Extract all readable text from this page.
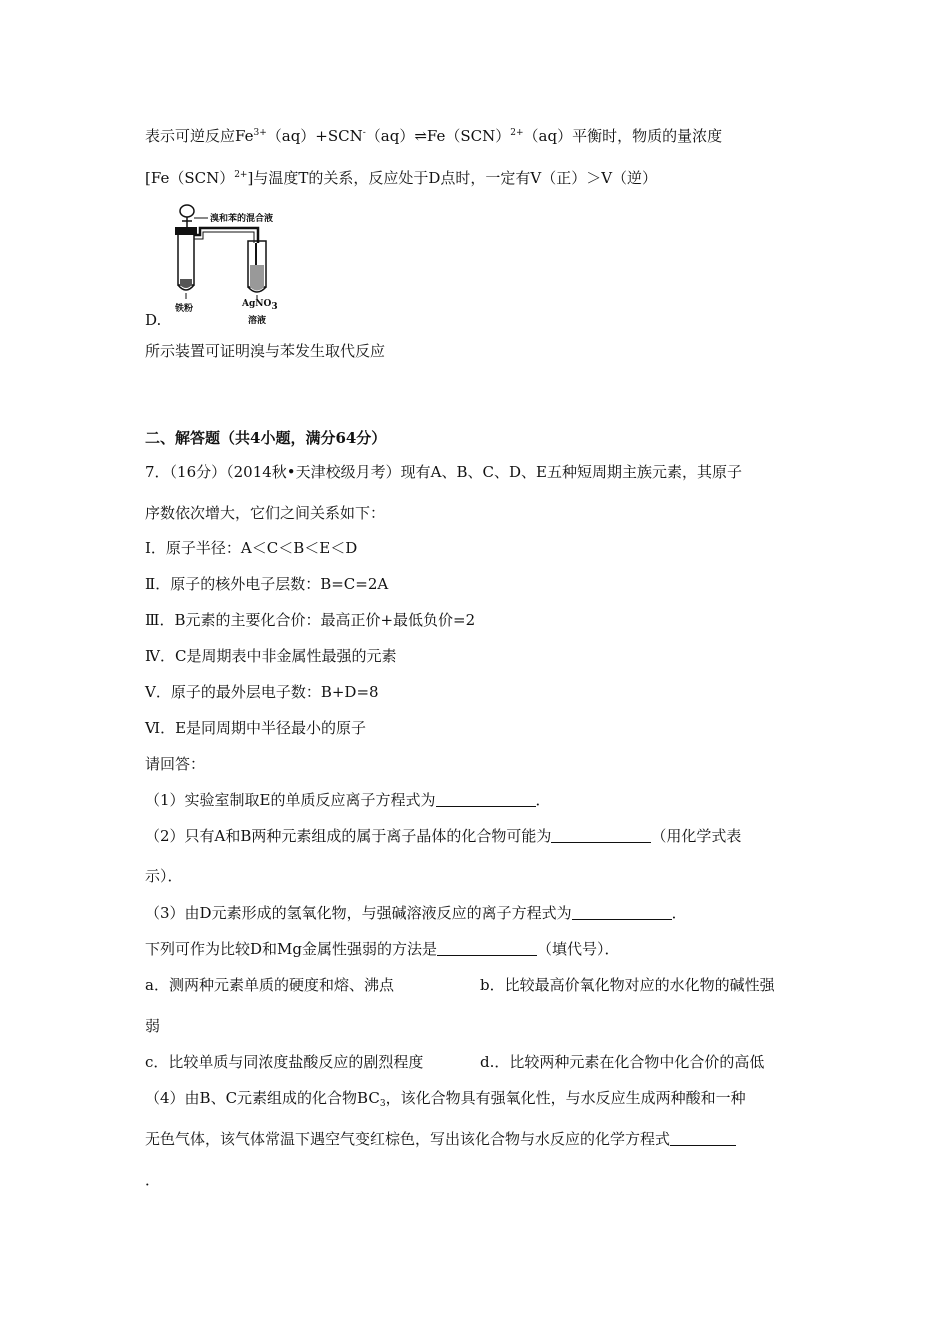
表示可逆反应$Fe^{3+}(aq)+SCN^-(aq)\rightleftharpoons Fe(SCN)^{2+}(aq)$平衡时，物质的量浓度
[Fe（SCN）$^{2+}$]与温度T的关系，反应处于D点时，一定有V（正）＞V（逆）
溴和苯的混合液
铁粉	AgNO$_3$
溶液
D.
所示装置可证明溴与苯发生取代反应
二、解答题（共4小题，满分64分）
7．（16分）（2014秋•天津校级月考）现有A、B、C、D、E五种短周期主族元素，其原子
序数依次增大，它们之间关系如下：
Ⅰ．原子半径：A＜C＜B＜E＜D
Ⅱ．原子的核外电子层数：B=C=2A
Ⅲ．B元素的主要化合价：最高正价+最低负价=2
Ⅳ．C是周期表中非金属性最强的元素
Ⅴ．原子的最外层电子数：B+D=8
Ⅵ．E是同周期中半径最小的原子
请回答：
（1）实验室制取E的单质反应离子方程式为	．
（2）只有A和B两种元素组成的属于离子晶体的化合物可能为	（用化学式表
示）．
（3）由D元素形成的氢氧化物，与强碱溶液反应的离子方程式为	．
下列可作为比较D和Mg金属性强弱的方法是	（填代号）．
a．测两种元素单质的硬度和熔、沸点	b．比较最高价氧化物对应的水化物的碱性强
弱
c．比较单质与同浓度盐酸反应的剧烈程度	d.．比较两种元素在化合物中化合价的高低
（4）由B、C元素组成的化合物$BC_3$，该化合物具有强氧化性，与水反应生成两种酸和一种
无色气体，该气体常温下遇空气变红棕色，写出该化合物与水反应的化学方程式
．
